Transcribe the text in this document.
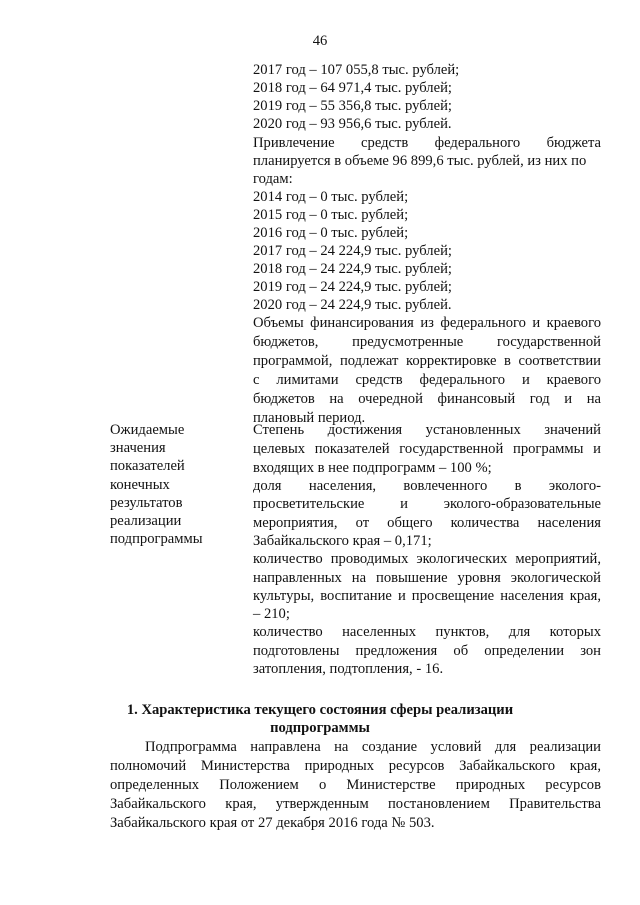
46
2017 год – 107 055,8 тыс. рублей;
2018 год – 64 971,4 тыс. рублей;
2019 год – 55 356,8 тыс. рублей;
2020 год – 93 956,6 тыс. рублей.
Привлечение средств федерального бюджета
планируется в объеме 96 899,6 тыс. рублей, из них по
годам:
2014 год – 0 тыс. рублей;
2015 год – 0 тыс. рублей;
2016 год – 0 тыс. рублей;
2017 год – 24 224,9 тыс. рублей;
2018 год – 24 224,9 тыс. рублей;
2019 год – 24 224,9 тыс. рублей;
2020 год – 24 224,9 тыс. рублей.
Объемы финансирования из федерального и краевого
бюджетов, предусмотренные государственной
программой, подлежат корректировке в соответствии
с лимитами средств федерального и краевого
бюджетов на очередной финансовый год и на
плановый период.
Ожидаемые
значения
показателей
конечных
результатов
реализации
подпрограммы
Степень достижения установленных значений
целевых показателей государственной программы и
входящих в нее подпрограмм – 100 %;
доля населения, вовлеченного в эколого-
просветительские и эколого-образовательные
мероприятия, от общего количества населения
Забайкальского края – 0,171;
количество проводимых экологических мероприятий,
направленных на повышение уровня экологической
культуры, воспитание и просвещение населения края,
– 210;
количество населенных пунктов, для которых
подготовлены предложения об определении зон
затопления, подтопления, - 16.
1. Характеристика текущего состояния сферы реализации
подпрограммы
Подпрограмма направлена на создание условий для реализации
полномочий Министерства природных ресурсов Забайкальского края,
определенных Положением о Министерстве природных ресурсов
Забайкальского края, утвержденным постановлением Правительства
Забайкальского края от 27 декабря 2016 года № 503.
